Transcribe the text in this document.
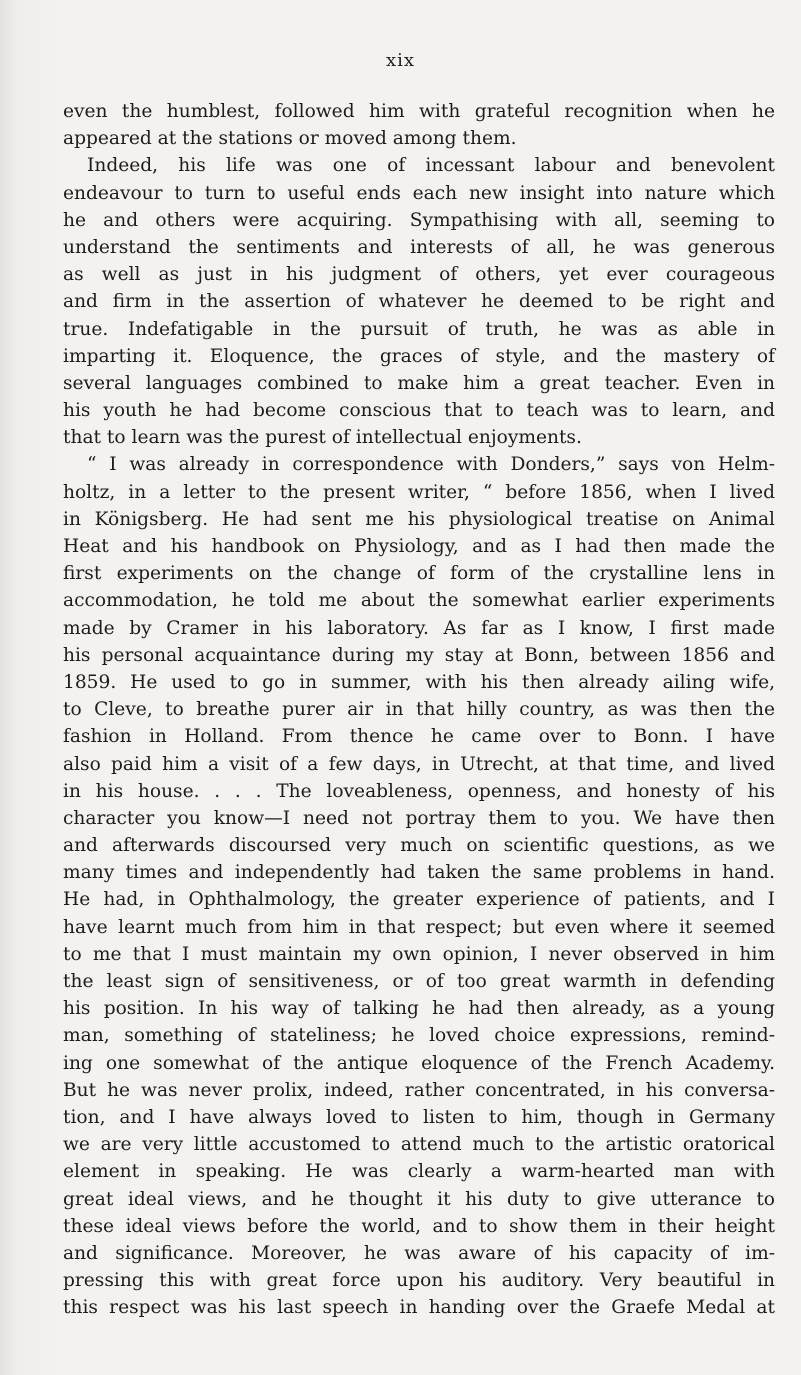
xix
even the humblest, followed him with grateful recognition when he
appeared at the stations or moved among them.
Indeed, his life was one of incessant labour and benevolent
endeavour to turn to useful ends each new insight into nature which
he and others were acquiring. Sympathising with all, seeming to
understand the sentiments and interests of all, he was generous
as well as just in his judgment of others, yet ever courageous
and firm in the assertion of whatever he deemed to be right and
true. Indefatigable in the pursuit of truth, he was as able in
imparting it. Eloquence, the graces of style, and the mastery of
several languages combined to make him a great teacher. Even in
his youth he had become conscious that to teach was to learn, and
that to learn was the purest of intellectual enjoyments.
“ I was already in correspondence with Donders,” says von Helm-
holtz, in a letter to the present writer, “ before 1856, when I lived
in Königsberg. He had sent me his physiological treatise on Animal
Heat and his handbook on Physiology, and as I had then made the
first experiments on the change of form of the crystalline lens in
accommodation, he told me about the somewhat earlier experiments
made by Cramer in his laboratory. As far as I know, I first made
his personal acquaintance during my stay at Bonn, between 1856 and
1859. He used to go in summer, with his then already ailing wife,
to Cleve, to breathe purer air in that hilly country, as was then the
fashion in Holland. From thence he came over to Bonn. I have
also paid him a visit of a few days, in Utrecht, at that time, and lived
in his house. . . . The loveableness, openness, and honesty of his
character you know—I need not portray them to you. We have then
and afterwards discoursed very much on scientific questions, as we
many times and independently had taken the same problems in hand.
He had, in Ophthalmology, the greater experience of patients, and I
have learnt much from him in that respect; but even where it seemed
to me that I must maintain my own opinion, I never observed in him
the least sign of sensitiveness, or of too great warmth in defending
his position. In his way of talking he had then already, as a young
man, something of stateliness; he loved choice expressions, remind-
ing one somewhat of the antique eloquence of the French Academy.
But he was never prolix, indeed, rather concentrated, in his conversa-
tion, and I have always loved to listen to him, though in Germany
we are very little accustomed to attend much to the artistic oratorical
element in speaking. He was clearly a warm-hearted man with
great ideal views, and he thought it his duty to give utterance to
these ideal views before the world, and to show them in their height
and significance. Moreover, he was aware of his capacity of im-
pressing this with great force upon his auditory. Very beautiful in
this respect was his last speech in handing over the Graefe Medal at
